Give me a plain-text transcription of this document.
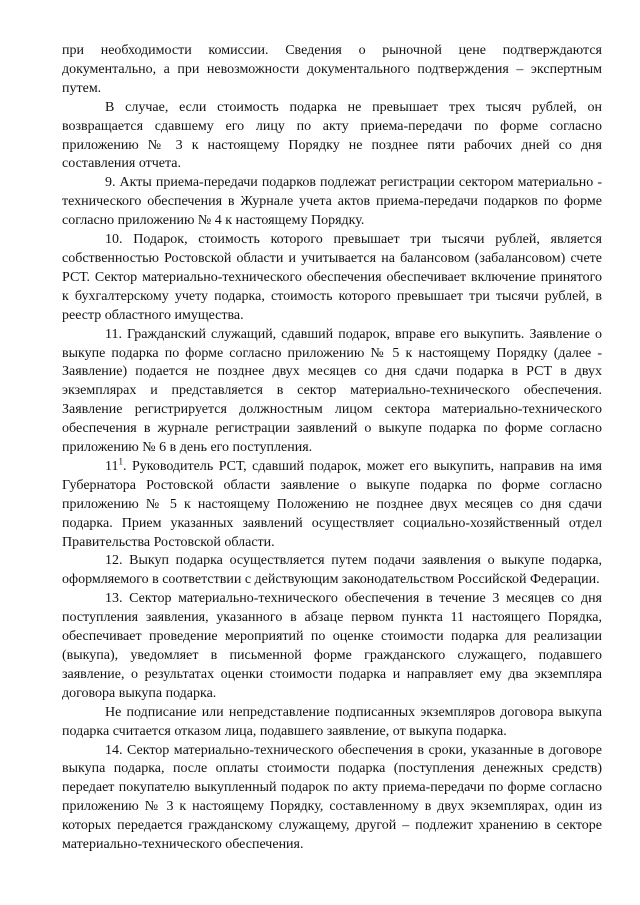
при необходимости комиссии. Сведения о рыночной цене подтверждаются документально, а при невозможности документального подтверждения – экспертным путем.

В случае, если стоимость подарка не превышает трех тысяч рублей, он возвращается сдавшему его лицу по акту приема-передачи по форме согласно приложению № 3 к настоящему Порядку не позднее пяти рабочих дней со дня составления отчета.

9. Акты приема-передачи подарков подлежат регистрации сектором материально - технического обеспечения в Журнале учета актов приема-передачи подарков по форме согласно приложению № 4 к настоящему Порядку.

10. Подарок, стоимость которого превышает три тысячи рублей, является собственностью Ростовской области и учитывается на балансовом (забалансовом) счете РСТ. Сектор материально-технического обеспечения обеспечивает включение принятого к бухгалтерскому учету подарка, стоимость которого превышает три тысячи рублей, в реестр областного имущества.

11. Гражданский служащий, сдавший подарок, вправе его выкупить. Заявление о выкупе подарка по форме согласно приложению № 5 к настоящему Порядку (далее - Заявление) подается не позднее двух месяцев со дня сдачи подарка в РСТ в двух экземплярах и представляется в сектор материально-технического обеспечения. Заявление регистрируется должностным лицом сектора материально-технического обеспечения в журнале регистрации заявлений о выкупе подарка по форме согласно приложению № 6 в день его поступления.

$11^1$. Руководитель РСТ, сдавший подарок, может его выкупить, направив на имя Губернатора Ростовской области заявление о выкупе подарка по форме согласно приложению № 5 к настоящему Положению не позднее двух месяцев со дня сдачи подарка. Прием указанных заявлений осуществляет социально-хозяйственный отдел Правительства Ростовской области.

12. Выкуп подарка осуществляется путем подачи заявления о выкупе подарка, оформляемого в соответствии с действующим законодательством Российской Федерации.

13. Сектор материально-технического обеспечения в течение 3 месяцев со дня поступления заявления, указанного в абзаце первом пункта 11 настоящего Порядка, обеспечивает проведение мероприятий по оценке стоимости подарка для реализации (выкупа), уведомляет в письменной форме гражданского служащего, подавшего заявление, о результатах оценки стоимости подарка и направляет ему два экземпляра договора выкупа подарка.

Не подписание или непредставление подписанных экземпляров договора выкупа подарка считается отказом лица, подавшего заявление, от выкупа подарка.

14. Сектор материально-технического обеспечения в сроки, указанные в договоре выкупа подарка, после оплаты стоимости подарка (поступления денежных средств) передает покупателю выкупленный подарок по акту приема-передачи по форме согласно приложению № 3 к настоящему Порядку, составленному в двух экземплярах, один из которых передается гражданскому служащему, другой – подлежит хранению в секторе материально-технического обеспечения.
